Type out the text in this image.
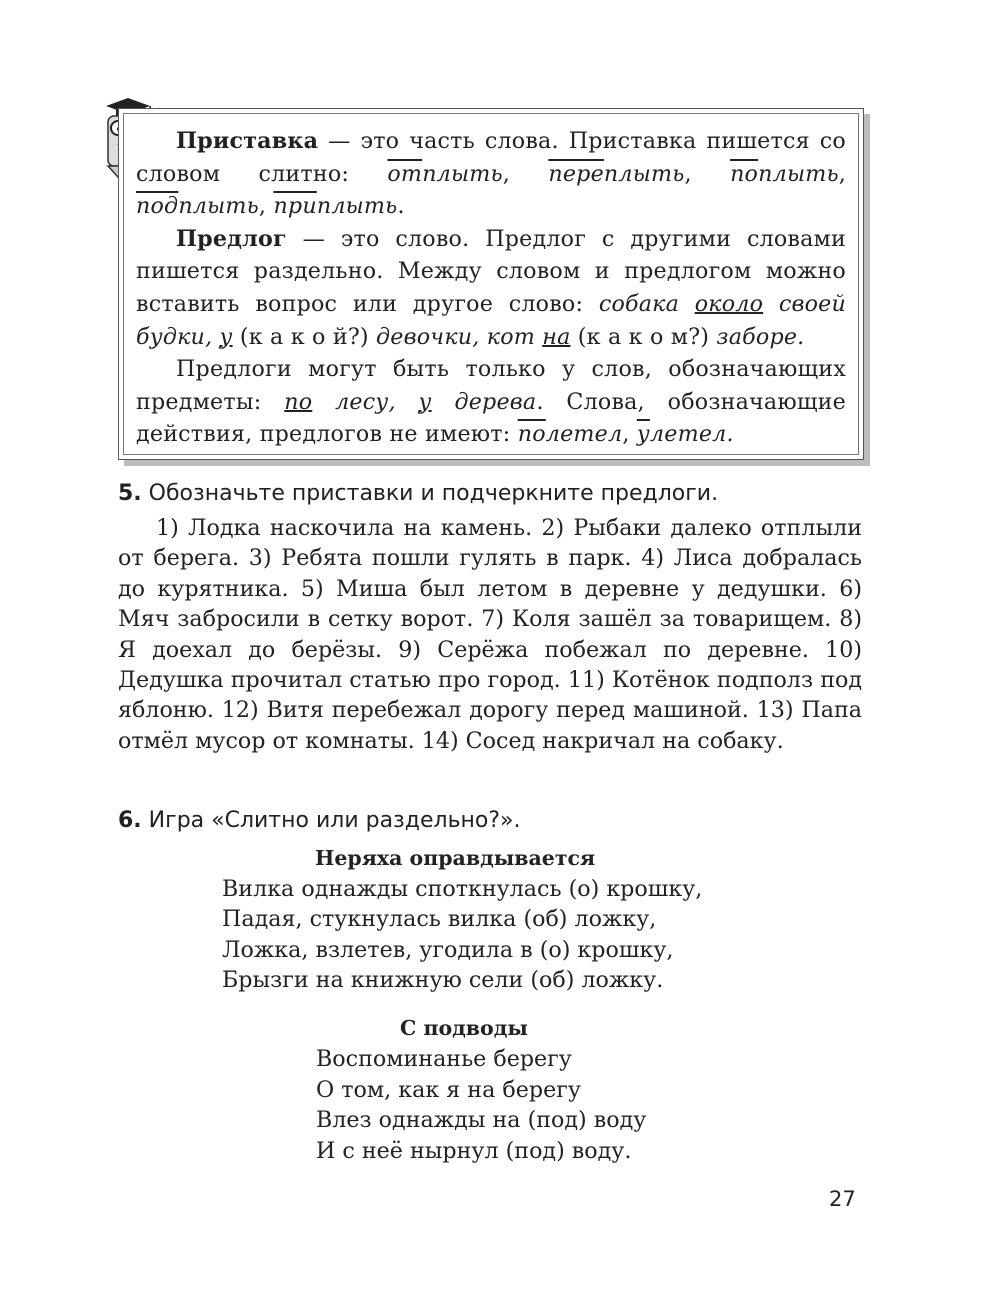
Приставка — это часть слова. Приставка пишется со словом слитно: отплыть, переплыть, поплыть, подплыть, приплыть.

Предлог — это слово. Предлог с другими словами пишется раздельно. Между словом и предлогом можно вставить вопрос или другое слово: собака около своей будки, у (к а к о й?) девочки, кот на (к а к о м?) заборе.

Предлоги могут быть только у слов, обозначающих предметы: по лесу, у дерева. Слова, обозначающие действия, предлогов не имеют: полетел, улетел.

5. Обозначьте приставки и подчеркните предлоги.

1) Лодка наскочила на камень. 2) Рыбаки далеко отплыли от берега. 3) Ребята пошли гулять в парк. 4) Лиса добралась до курятника. 5) Миша был летом в деревне у дедушки. 6) Мяч забросили в сетку ворот. 7) Коля зашёл за товарищем. 8) Я доехал до берёзы. 9) Серёжа побежал по деревне. 10) Дедушка прочитал статью про город. 11) Котёнок подполз под яблоню. 12) Витя перебежал дорогу перед машиной. 13) Папа отмёл мусор от комнаты. 14) Сосед накричал на собаку.

6. Игра «Слитно или раздельно?».
Неряха оправдывается
Вилка однажды споткнулась (о) крошку,
Падая, стукнулась вилка (об) ложку,
Ложка, взлетев, угодила в (о) крошку,
Брызги на книжную сели (об) ложку.
С подводы
Воспоминанье берегу
О том, как я на берегу
Влез однажды на (под) воду
И с неё нырнул (под) воду.
27
